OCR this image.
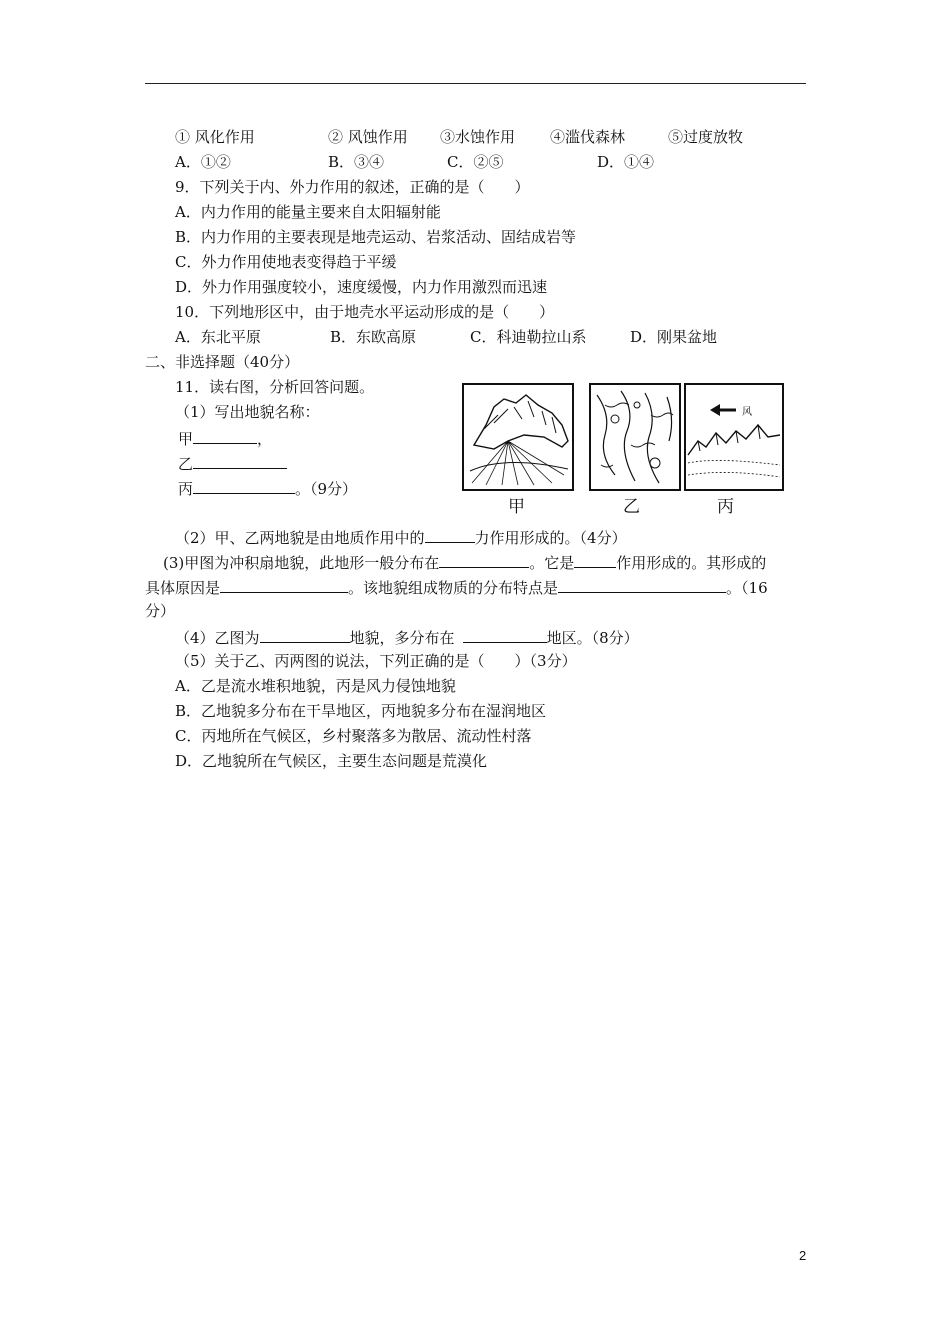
① 风化作用	② 风蚀作用 ③水蚀作用 ④滥伐森林	⑤过度放牧
A．①②	B．③④	C．②⑤	D．①④
9．下列关于内、外力作用的叙述，正确的是（　　）
A．内力作用的能量主要来自太阳辐射能
B．内力作用的主要表现是地壳运动、岩浆活动、固结成岩等
C．外力作用使地表变得趋于平缓
D．外力作用强度较小，速度缓慢，内力作用激烈而迅速
10．下列地形区中，由于地壳水平运动形成的是（　　）
A．东北平原	B．东欧高原	C．科迪勒拉山系	D．刚果盆地
二、非选择题（40分）
11．读右图，分析回答问题。
（1）写出地貌名称：
甲	，
乙
丙	。（9分）
风
甲	乙	丙
（2）甲、乙两地貌是由地质作用中的	力作用形成的。（4分）
(3)甲图为冲积扇地貌，此地形一般分布在	。它是	作用形成的。其形成的
具体原因是	。该地貌组成物质的分布特点是	。（16
分）
（4）乙图为	地貌，多分布在	地区。（8分）
（5）关于乙、丙两图的说法，下列正确的是（　　）（3分）
A．乙是流水堆积地貌，丙是风力侵蚀地貌
B．乙地貌多分布在干旱地区，丙地貌多分布在湿润地区
C．丙地所在气候区，乡村聚落多为散居、流动性村落
D．乙地貌所在气候区，主要生态问题是荒漠化
2
